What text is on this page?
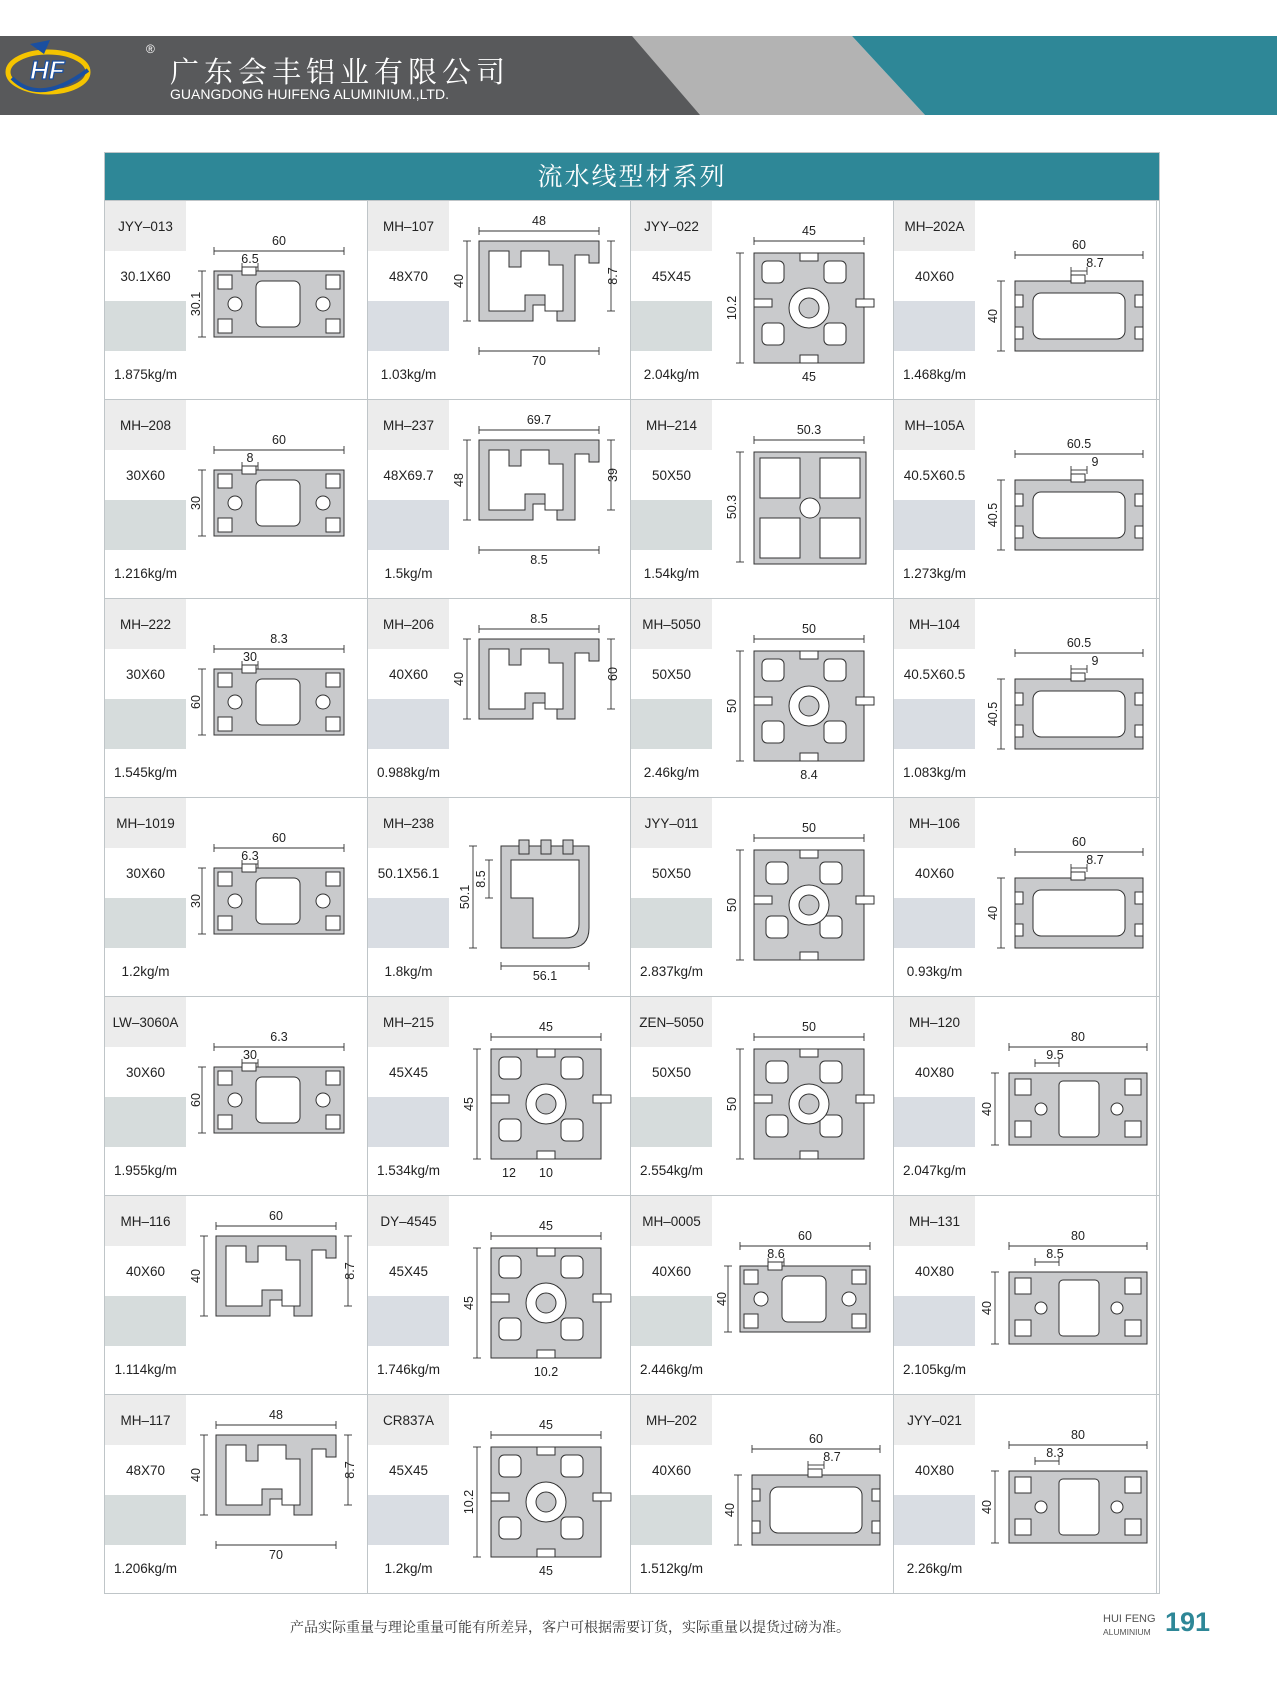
HF
®
广东会丰铝业有限公司
GUANGDONG HUIFENG ALUMINIUM.,LTD.
流水线型材系列
JYY–013
30.1X60
1.875kg/m
60
6.5
30.1
MH–107
48X70
1.03kg/m
48
40	8.7
70
JYY–022
45X45
2.04kg/m
45
10.2
45
MH–202A
40X60
1.468kg/m
60
8.7
40
MH–208
30X60
1.216kg/m
60
8
30
MH–237
48X69.7
1.5kg/m
69.7
48	39
8.5
MH–214
50X50
1.54kg/m
50.3
50.3
MH–105A
40.5X60.5
1.273kg/m
60.5
9
40.5
MH–222
30X60
1.545kg/m
8.3
30
60
MH–206
40X60
0.988kg/m
8.5
40	60
MH–5050
50X50
2.46kg/m
50
50
8.4
MH–104
40.5X60.5
1.083kg/m
60.5
9
40.5
MH–1019
30X60
1.2kg/m
60
6.3
30
MH–238
50.1X56.1
1.8kg/m
50.1
8.5
56.1
JYY–011
50X50
2.837kg/m
50
50
MH–106
40X60
0.93kg/m
60
8.7
40
LW–3060A
30X60
1.955kg/m
6.3
30
60
MH–215
45X45
1.534kg/m
45
45
10
12
ZEN–5050
50X50
2.554kg/m
50
50
MH–120
40X80
2.047kg/m
80
9.5
40
MH–116
40X60
1.114kg/m
60
40	8.7
DY–4545
45X45
1.746kg/m
45
45
10.2
MH–0005
40X60
2.446kg/m
60
8.6
40
MH–131
40X80
2.105kg/m
80
8.5
40
MH–117
48X70
1.206kg/m
48
40	8.7
70
CR837A
45X45
1.2kg/m
45
10.2
45
MH–202
40X60
1.512kg/m
60
8.7
40
JYY–021
40X80
2.26kg/m
80
8.3
40
产品实际重量与理论重量可能有所差异，客户可根据需要订货，实际重量以提货过磅为准。
HUI FENG
ALUMINIUM 191
